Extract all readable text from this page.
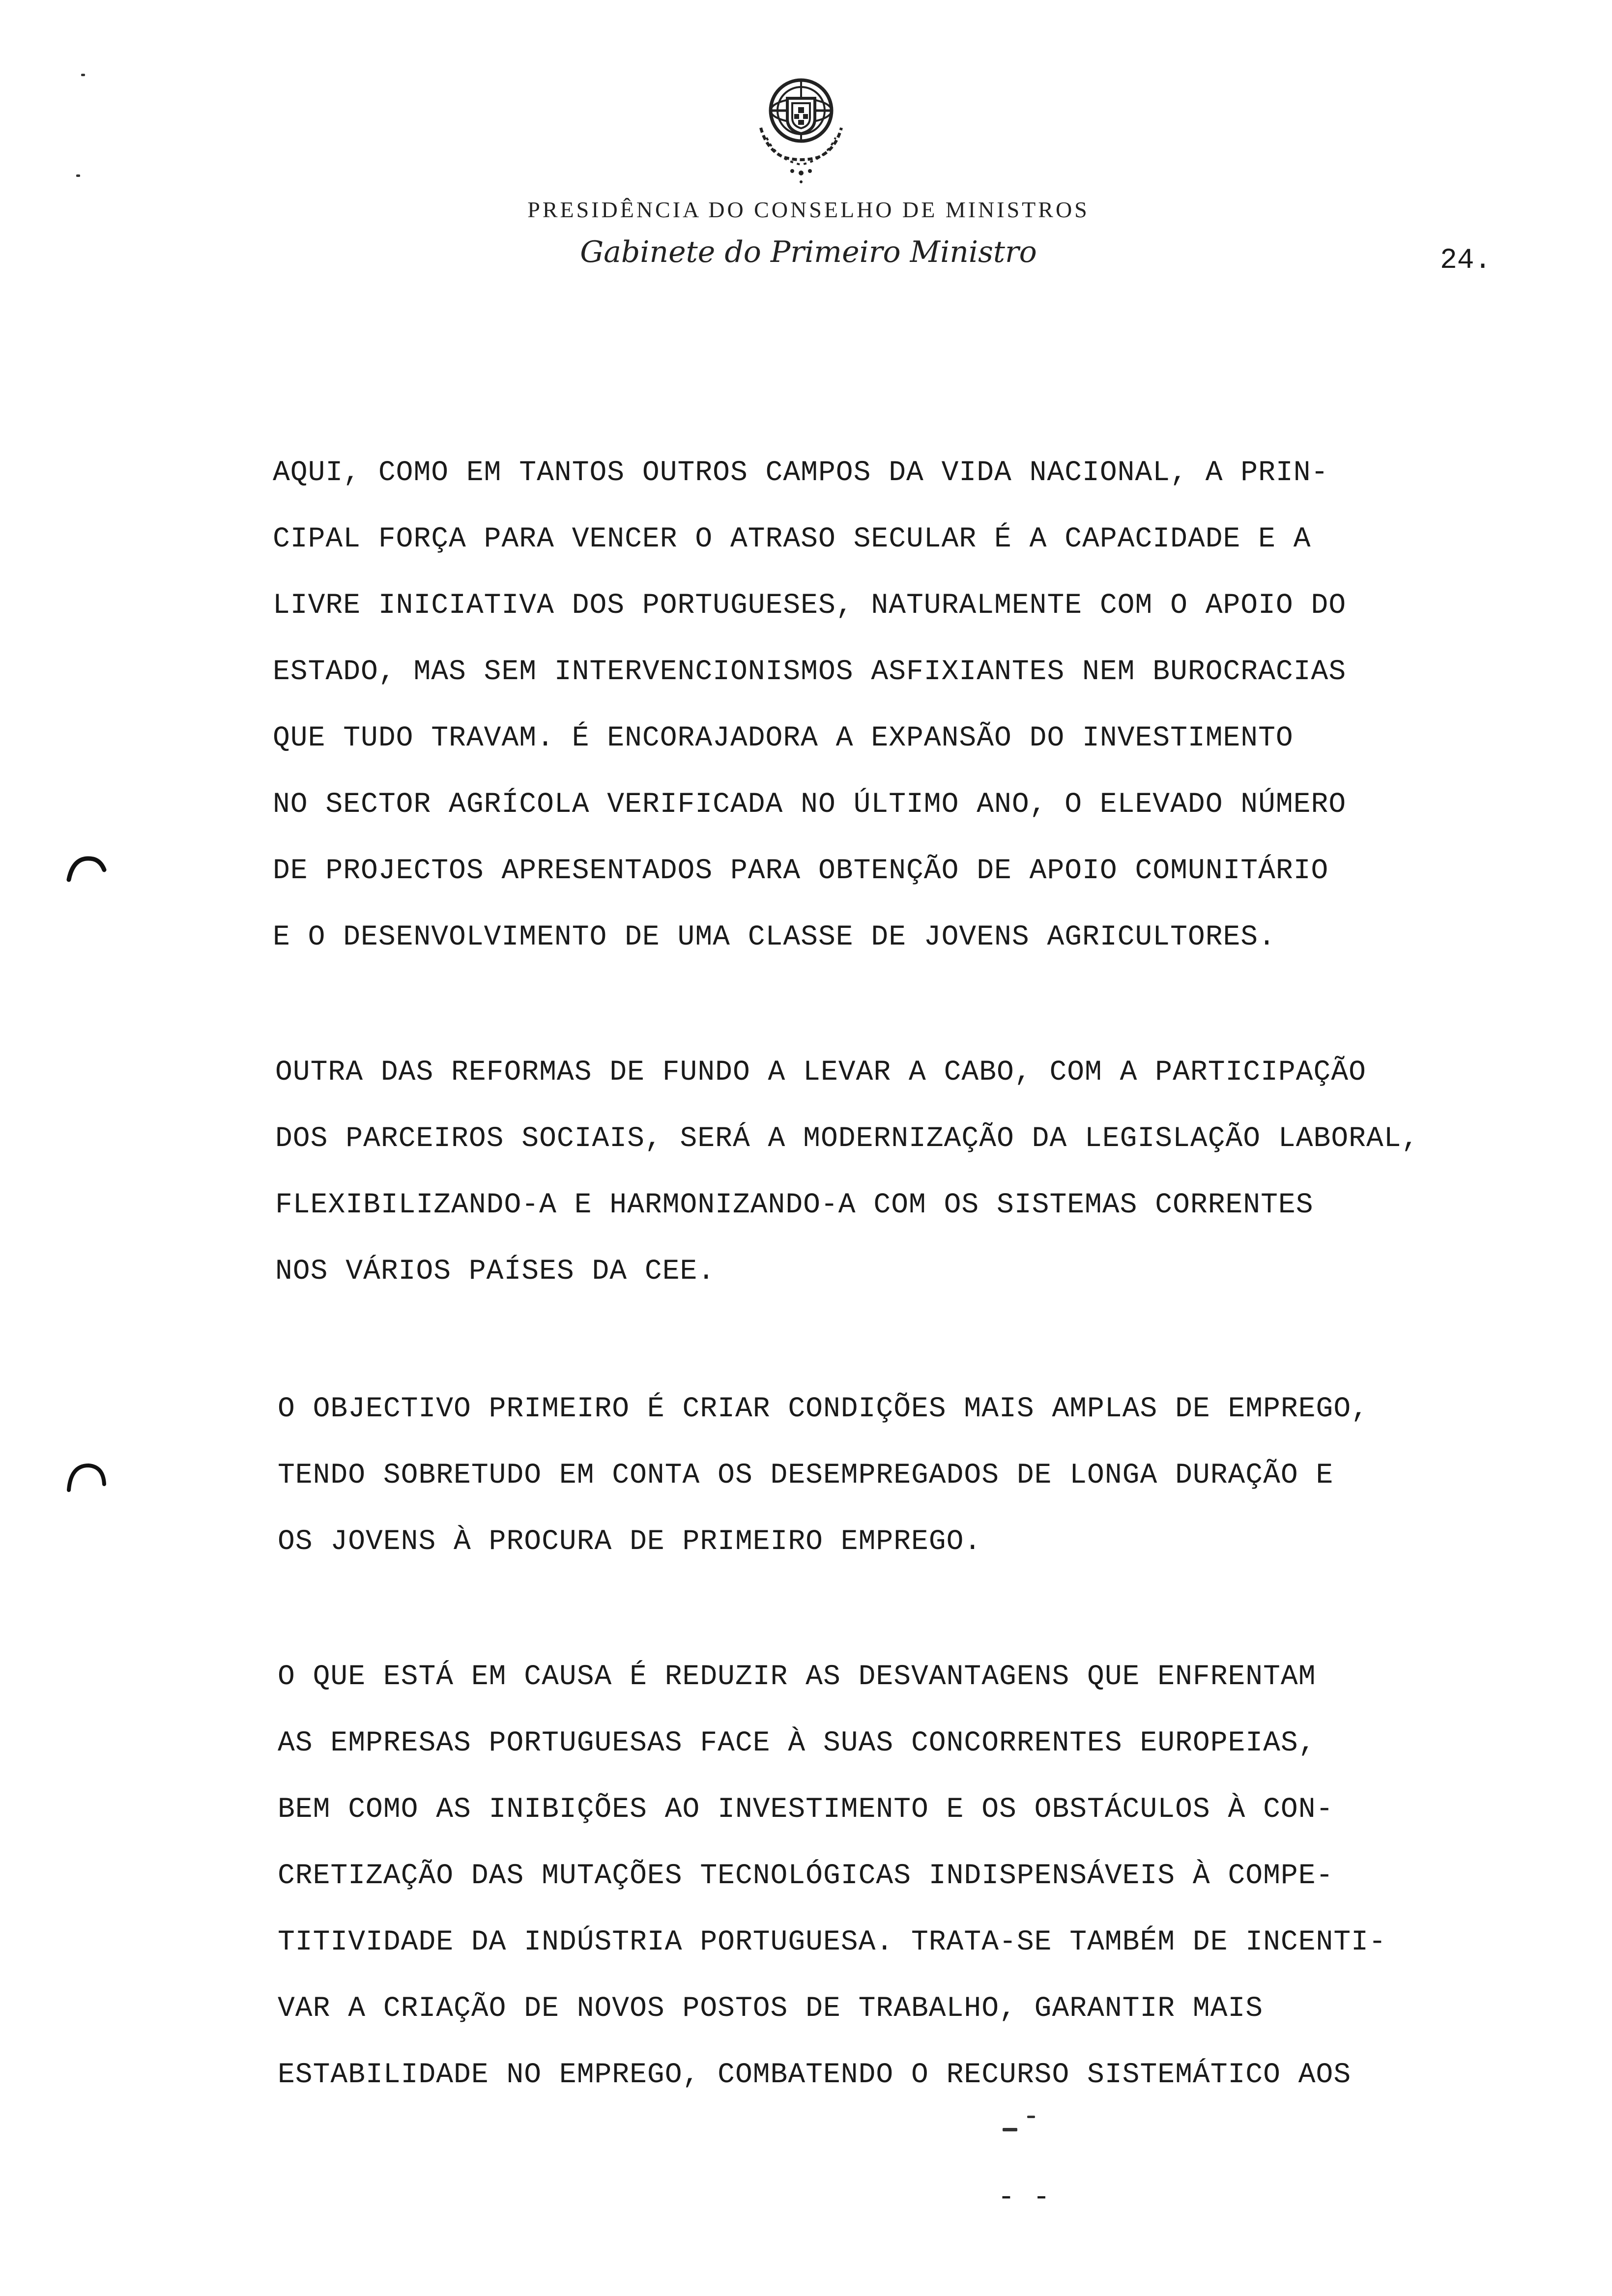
PRESIDÊNCIA DO CONSELHO DE MINISTROS
Gabinete do Primeiro Ministro	24.
AQUI, COMO EM TANTOS OUTROS CAMPOS DA VIDA NACIONAL, A PRIN-
CIPAL FORÇA PARA VENCER O ATRASO SECULAR É A CAPACIDADE E A
LIVRE INICIATIVA DOS PORTUGUESES, NATURALMENTE COM O APOIO DO
ESTADO, MAS SEM INTERVENCIONISMOS ASFIXIANTES NEM BUROCRACIAS
QUE TUDO TRAVAM. É ENCORAJADORA A EXPANSÃO DO INVESTIMENTO
NO SECTOR AGRÍCOLA VERIFICADA NO ÚLTIMO ANO, O ELEVADO NÚMERO
DE PROJECTOS APRESENTADOS PARA OBTENÇÃO DE APOIO COMUNITÁRIO
E O DESENVOLVIMENTO DE UMA CLASSE DE JOVENS AGRICULTORES.
OUTRA DAS REFORMAS DE FUNDO A LEVAR A CABO, COM A PARTICIPAÇÃO
DOS PARCEIROS SOCIAIS, SERÁ A MODERNIZAÇÃO DA LEGISLAÇÃO LABORAL,
FLEXIBILIZANDO-A E HARMONIZANDO-A COM OS SISTEMAS CORRENTES
NOS VÁRIOS PAÍSES DA CEE.
O OBJECTIVO PRIMEIRO É CRIAR CONDIÇÕES MAIS AMPLAS DE EMPREGO,
TENDO SOBRETUDO EM CONTA OS DESEMPREGADOS DE LONGA DURAÇÃO E
OS JOVENS À PROCURA DE PRIMEIRO EMPREGO.
O QUE ESTÁ EM CAUSA É REDUZIR AS DESVANTAGENS QUE ENFRENTAM
AS EMPRESAS PORTUGUESAS FACE À SUAS CONCORRENTES EUROPEIAS,
BEM COMO AS INIBIÇÕES AO INVESTIMENTO E OS OBSTÁCULOS À CON-
CRETIZAÇÃO DAS MUTAÇÕES TECNOLÓGICAS INDISPENSÁVEIS À COMPE-
TITIVIDADE DA INDÚSTRIA PORTUGUESA. TRATA-SE TAMBÉM DE INCENTI-
VAR A CRIAÇÃO DE NOVOS POSTOS DE TRABALHO, GARANTIR MAIS
ESTABILIDADE NO EMPREGO, COMBATENDO O RECURSO SISTEMÁTICO AOS
- -
